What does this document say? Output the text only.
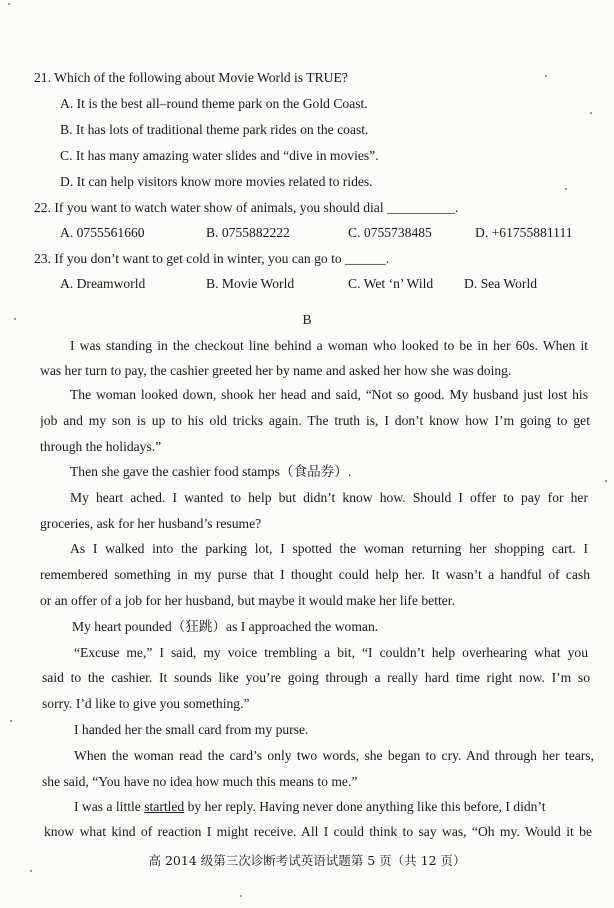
21. Which of the following about Movie World is TRUE?
A. It is the best all–round theme park on the Gold Coast.
B. It has lots of traditional theme park rides on the coast.
C. It has many amazing water slides and “dive in movies”.
D. It can help visitors know more movies related to rides.
22. If you want to watch water show of animals, you should dial __________.
A. 0755561660	B. 0755882222	C. 0755738485	D. +61755881111
23. If you don’t want to get cold in winter, you can go to ______.
A. Dreamworld	B. Movie World	C. Wet ‘n’ Wild D. Sea World
B
I was standing in the checkout line behind a woman who looked to be in her 60s. When it
was her turn to pay, the cashier greeted her by name and asked her how she was doing.
The woman looked down, shook her head and said, “Not so good. My husband just lost his
job and my son is up to his old tricks again. The truth is, I don’t know how I’m going to get
through the holidays.”
Then she gave the cashier food stamps（食品券）.
My heart ached. I wanted to help but didn’t know how. Should I offer to pay for her
groceries, ask for her husband’s resume?
As I walked into the parking lot, I spotted the woman returning her shopping cart. I
remembered something in my purse that I thought could help her. It wasn’t a handful of cash
or an offer of a job for her husband, but maybe it would make her life better.
My heart pounded（狂跳）as I approached the woman.
“Excuse me,” I said, my voice trembling a bit, “I couldn’t help overhearing what you
said to the cashier. It sounds like you’re going through a really hard time right now. I’m so
sorry. I’d like to give you something.”
I handed her the small card from my purse.
When the woman read the card’s only two words, she began to cry. And through her tears,
she said, “You have no idea how much this means to me.”
I was a little startled by her reply. Having never done anything like this before, I didn’t
know what kind of reaction I might receive. All I could think to say was, “Oh my. Would it be
高 2014 级第三次诊断考试英语试题第 5 页（共 12 页）
